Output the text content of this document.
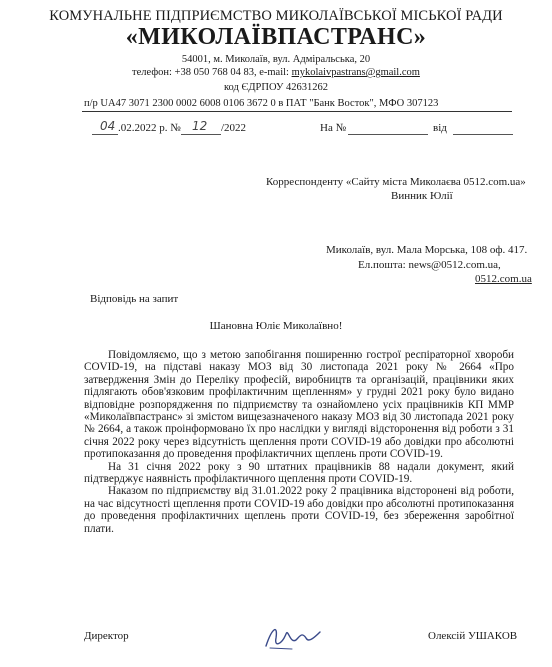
КОМУНАЛЬНЕ ПІДПРИЄМСТВО МИКОЛАЇВСЬКОЇ МІСЬКОЇ РАДИ
«МИКОЛАЇВПАСТРАНС»
54001, м. Миколаїв, вул. Адміральська, 20
телефон: +38 050 768 04 83, e-mail: mykolaivpastrans@gmail.com
код ЄДРПОУ 42631262
п/р UA47 3071 2300 0002 6008 0106 3672 0 в ПАТ "Банк Восток", МФО 307123
04 .02.2022 р. № 12 /2022	На №	від
Корреспонденту «Сайту міста Миколаєва 0512.com.ua»
Винник Юлії
Миколаїв, вул. Мала Морська, 108 оф. 417.
Ел.пошта: news@0512.com.ua,
0512.com.ua
Відповідь на запит
Шановна Юліє Миколаївно!

Повідомляємо, що з метою запобігання поширенню гострої респіраторної хвороби COVID-19, на підставі наказу МОЗ від 30 листопада 2021 року № 2664 «Про затвердження Змін до Переліку професій, виробництв та організацій, працівники яких підлягають обов'язковим профілактичним щепленням» у грудні 2021 року було видано відповідне розпорядження по підприємству та ознайомлено усіх працівників КП ММР «Миколаївпастранс» зі змістом вищезазначеного наказу МОЗ від 30 листопада 2021 року № 2664, а також проінформовано їх про наслідки у вигляді відсторонення від роботи з 31 січня 2022 року через відсутність щеплення проти COVID-19 або довідки про абсолютні протипоказання до проведення профілактичних щеплень проти COVID-19.

На 31 січня 2022 року з 90 штатних працівників 88 надали документ, який підтверджує наявність профілактичного щеплення проти COVID-19.

Наказом по підприємству від 31.01.2022 року 2 працівника відсторонені від роботи, на час відсутності щеплення проти COVID-19 або довідки про абсолютні протипоказання до проведення профілактичних щеплень проти COVID-19, без збереження заробітної плати.

Директор	Олексій УШАКОВ
